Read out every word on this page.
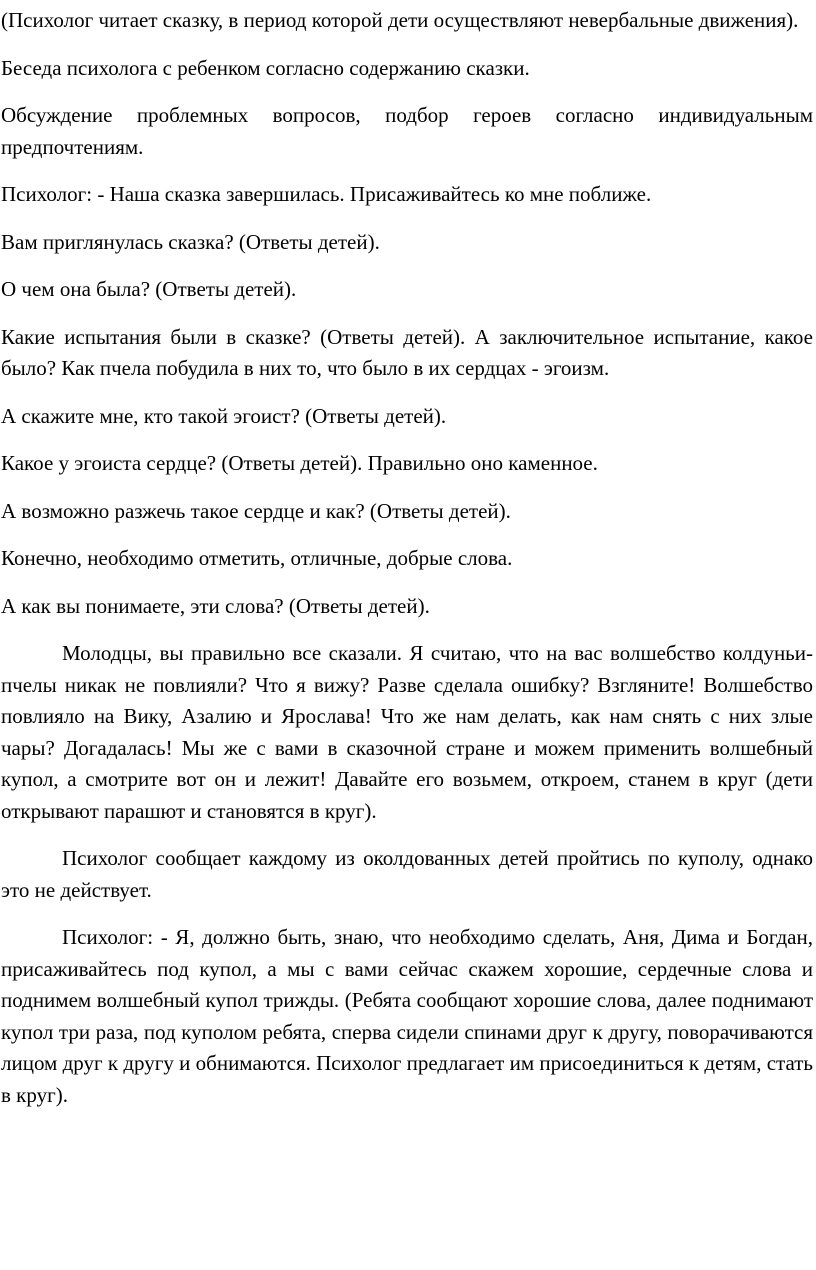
(Психолог читает сказку, в период которой дети осуществляют невербальные движения).

Беседа психолога с ребенком согласно содержанию сказки.

Обсуждение проблемных вопросов, подбор героев согласно индивидуальным предпочтениям.

Психолог: - Наша сказка завершилась. Присаживайтесь ко мне поближе.

Вам приглянулась сказка? (Ответы детей).

О чем она была? (Ответы детей).

Какие испытания были в сказке? (Ответы детей). А заключительное испытание, какое было? Как пчела побудила в них то, что было в их сердцах - эгоизм.

А скажите мне, кто такой эгоист? (Ответы детей).

Какое у эгоиста сердце? (Ответы детей). Правильно оно каменное.

А возможно разжечь такое сердце и как? (Ответы детей).

Конечно, необходимо отметить, отличные, добрые слова.

А как вы понимаете, эти слова? (Ответы детей).

Молодцы, вы правильно все сказали. Я считаю, что на вас волшебство колдуньи-пчелы никак не повлияли? Что я вижу? Разве сделала ошибку? Взгляните! Волшебство повлияло на Вику, Азалию и Ярослава! Что же нам делать, как нам снять с них злые чары? Догадалась! Мы же с вами в сказочной стране и можем применить волшебный купол, а смотрите вот он и лежит! Давайте его возьмем, откроем, станем в круг (дети открывают парашют и становятся в круг).

Психолог сообщает каждому из околдованных детей пройтись по куполу, однако это не действует.

Психолог: - Я, должно быть, знаю, что необходимо сделать, Аня, Дима и Богдан, присаживайтесь под купол, а мы с вами сейчас скажем хорошие, сердечные слова и поднимем волшебный купол трижды. (Ребята сообщают хорошие слова, далее поднимают купол три раза, под куполом ребята, сперва сидели спинами друг к другу, поворачиваются лицом друг к другу и обнимаются. Психолог предлагает им присоединиться к детям, стать в круг).
